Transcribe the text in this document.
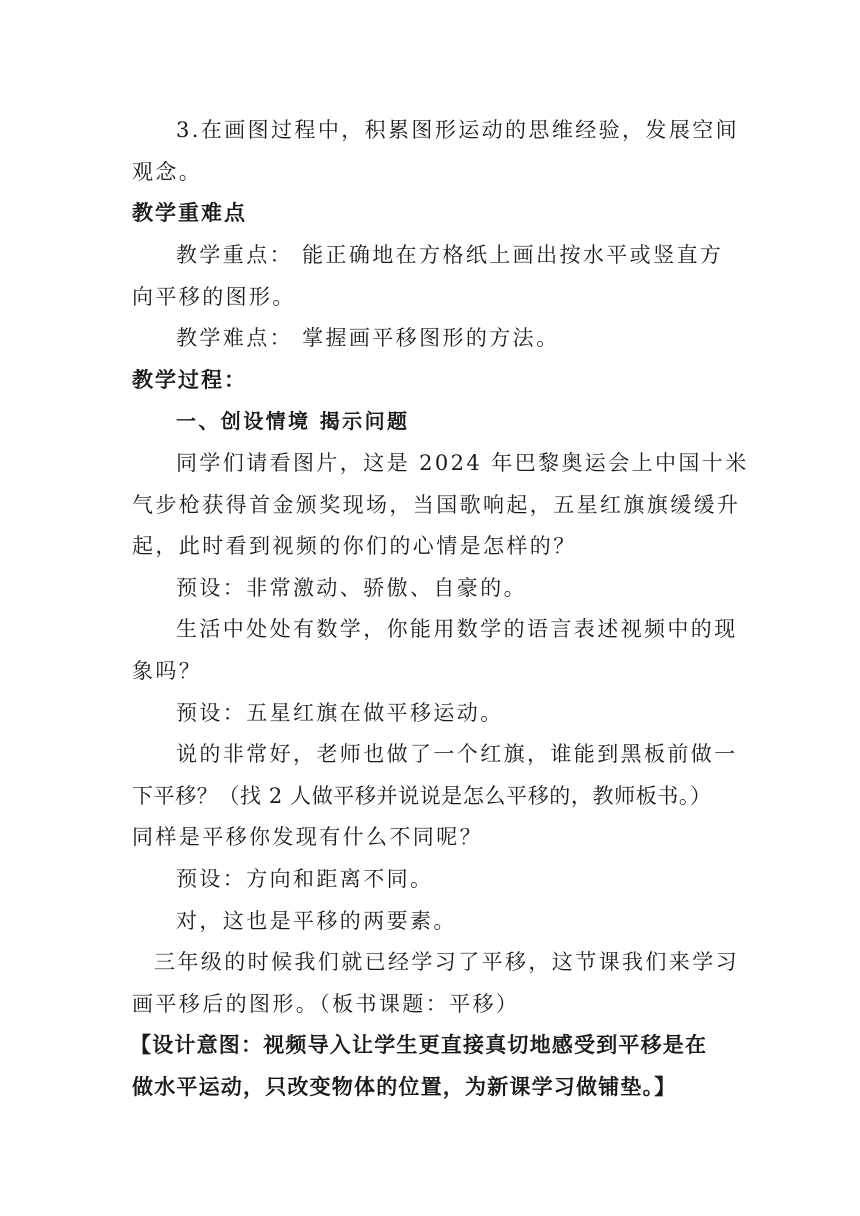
3.在画图过程中，积累图形运动的思维经验，发展空间
观念。
教学重难点
教学重点： 能正确地在方格纸上画出按水平或竖直方
向平移的图形。
教学难点： 掌握画平移图形的方法。
教学过程：
一、创设情境 揭示问题
同学们请看图片，这是 2024 年巴黎奥运会上中国十米
气步枪获得首金颁奖现场，当国歌响起，五星红旗旗缓缓升
起，此时看到视频的你们的心情是怎样的？
预设：非常激动、骄傲、自豪的。
生活中处处有数学，你能用数学的语言表述视频中的现
象吗？
预设：五星红旗在做平移运动。
说的非常好，老师也做了一个红旗，谁能到黑板前做一
下平移？（找 2 人做平移并说说是怎么平移的，教师板书。）
同样是平移你发现有什么不同呢？
预设：方向和距离不同。
对，这也是平移的两要素。
三年级的时候我们就已经学习了平移，这节课我们来学习
画平移后的图形。（板书课题：平移）
【设计意图：视频导入让学生更直接真切地感受到平移是在
做水平运动，只改变物体的位置，为新课学习做铺垫。】
